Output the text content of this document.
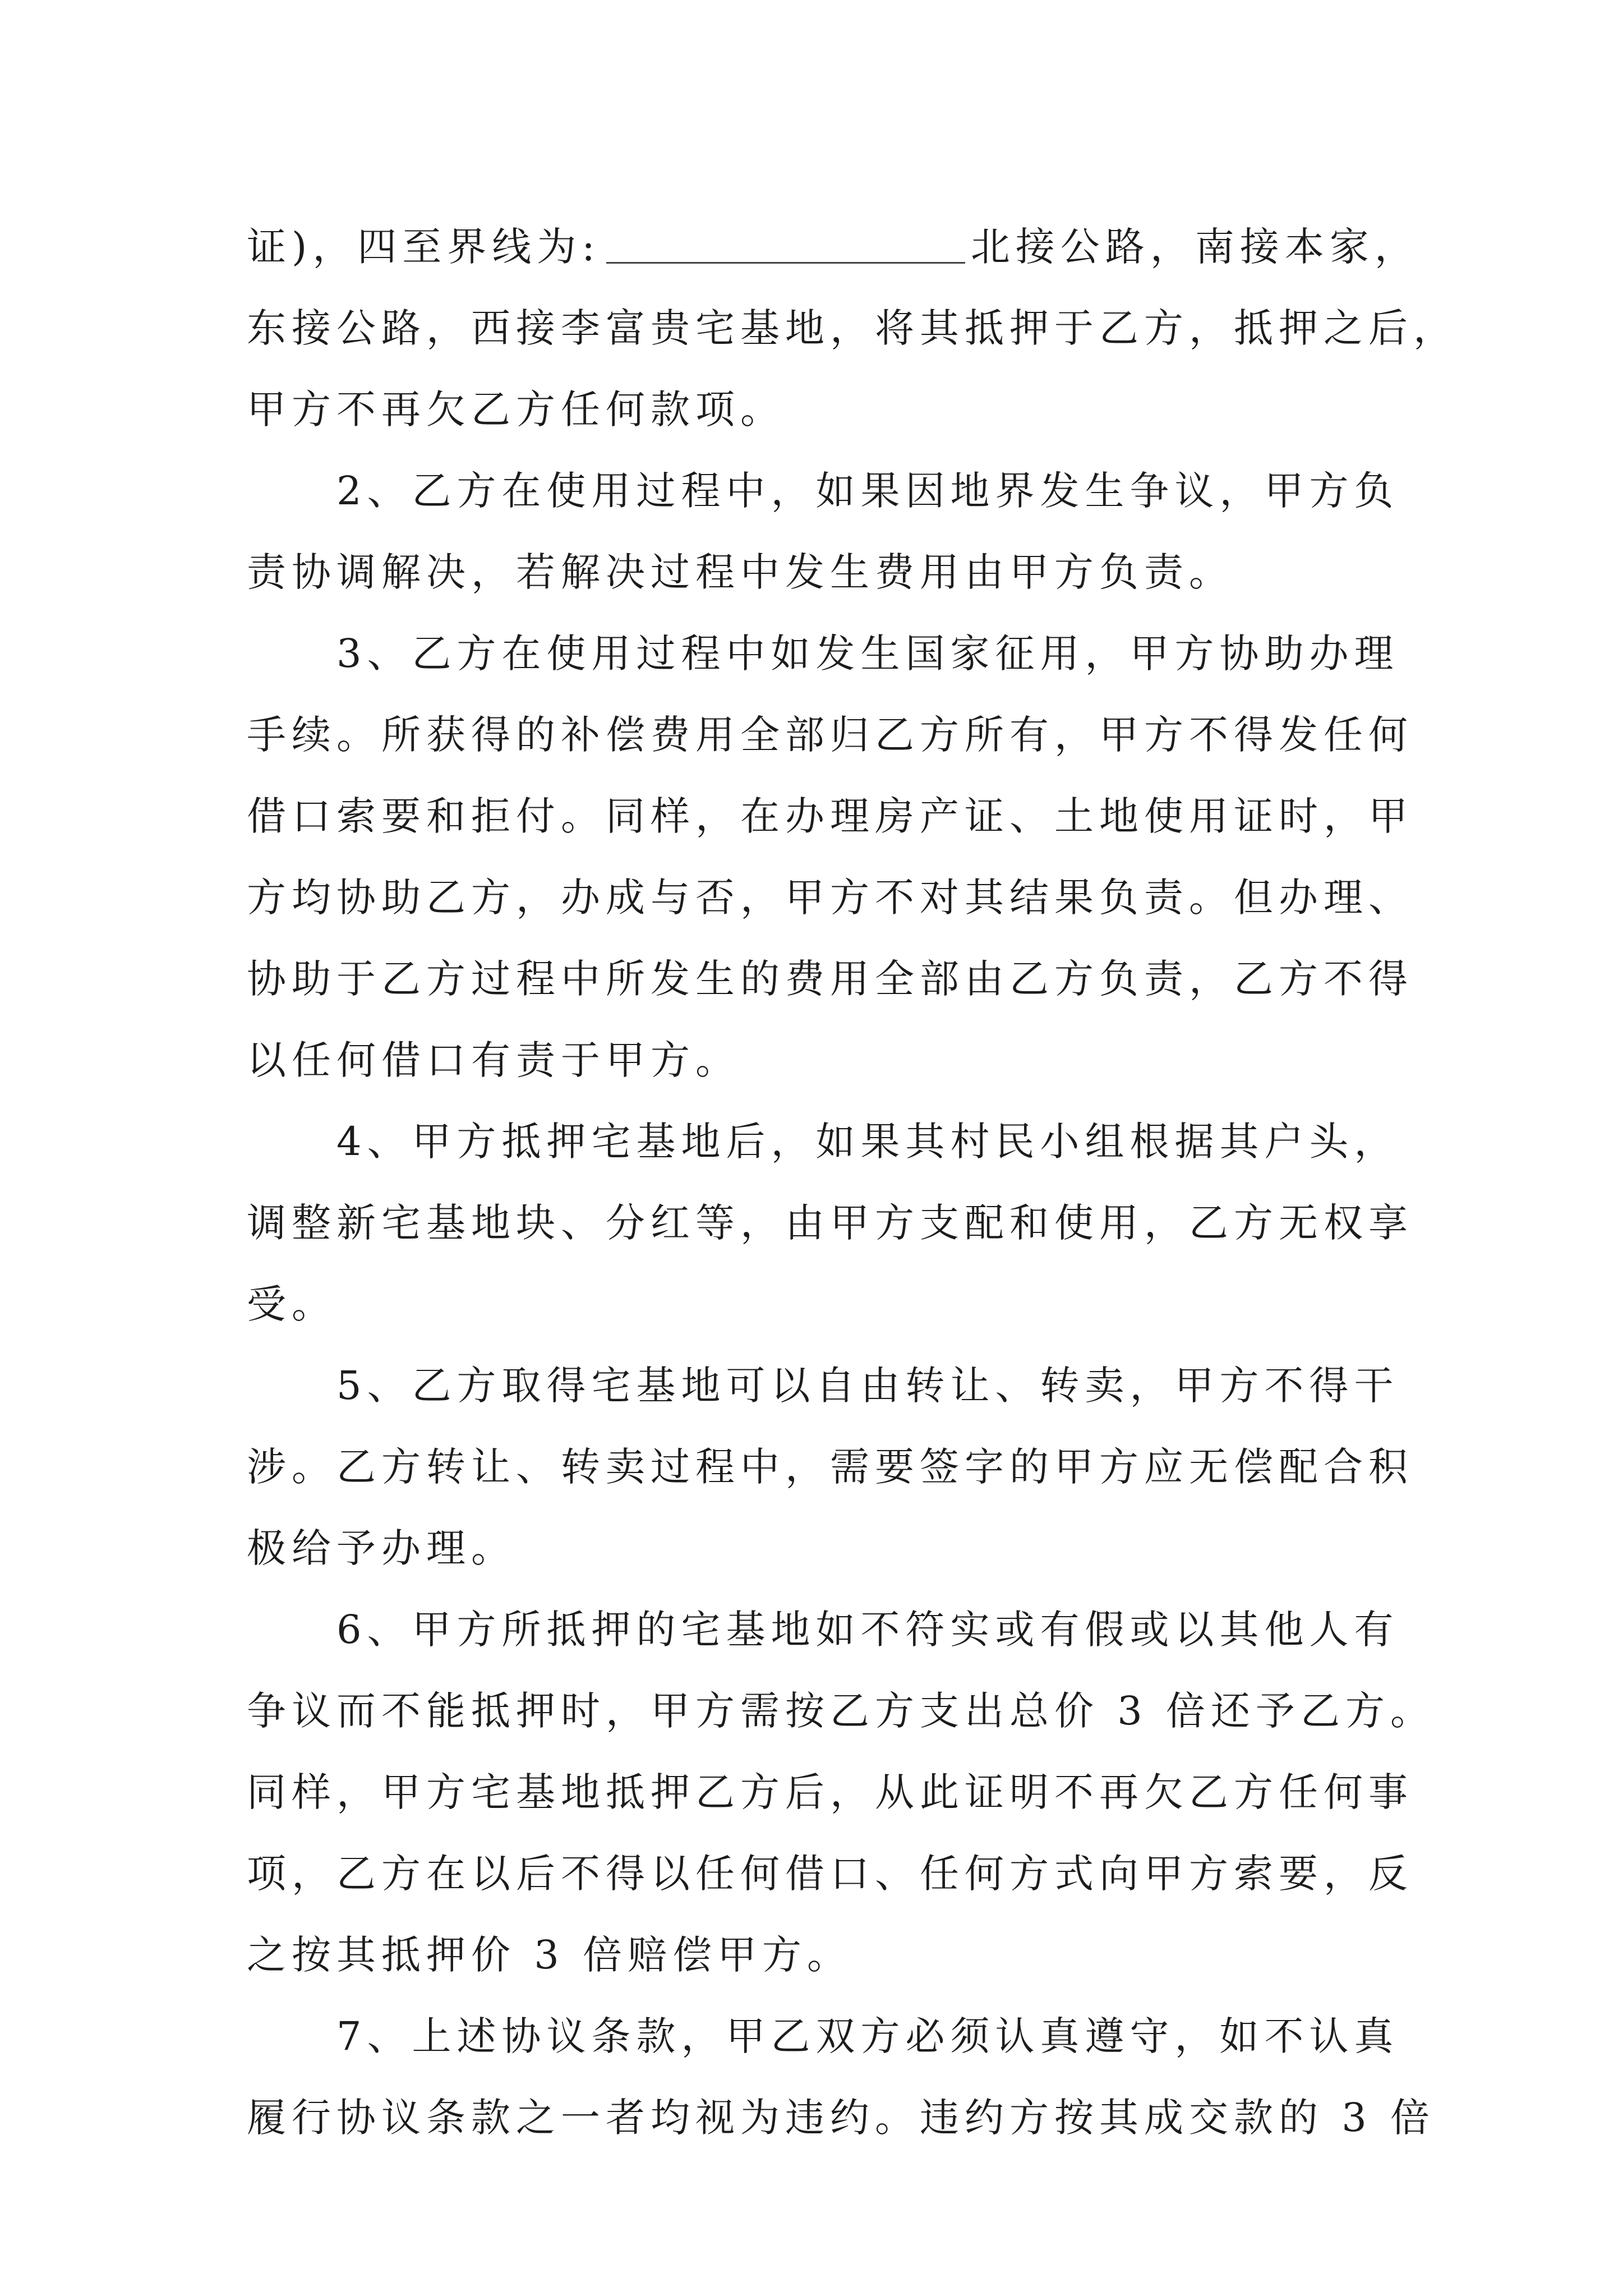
证)，四至界线为:	北接公路，南接本家，

东接公路，西接李富贵宅基地，将其抵押于乙方，抵押之后，

甲方不再欠乙方任何款项。

2、乙方在使用过程中，如果因地界发生争议，甲方负

责协调解决，若解决过程中发生费用由甲方负责。

3、乙方在使用过程中如发生国家征用，甲方协助办理

手续。所获得的补偿费用全部归乙方所有，甲方不得发任何

借口索要和拒付。同样，在办理房产证、土地使用证时，甲

方均协助乙方，办成与否，甲方不对其结果负责。但办理、

协助于乙方过程中所发生的费用全部由乙方负责，乙方不得

以任何借口有责于甲方。

4、甲方抵押宅基地后，如果其村民小组根据其户头，

调整新宅基地块、分红等，由甲方支配和使用，乙方无权享

受。

5、乙方取得宅基地可以自由转让、转卖，甲方不得干

涉。乙方转让、转卖过程中，需要签字的甲方应无偿配合积

极给予办理。

6、甲方所抵押的宅基地如不符实或有假或以其他人有

争议而不能抵押时，甲方需按乙方支出总价 3 倍还予乙方。

同样，甲方宅基地抵押乙方后，从此证明不再欠乙方任何事

项，乙方在以后不得以任何借口、任何方式向甲方索要，反

之按其抵押价 3 倍赔偿甲方。

7、上述协议条款，甲乙双方必须认真遵守，如不认真

履行协议条款之一者均视为违约。违约方按其成交款的 3 倍
